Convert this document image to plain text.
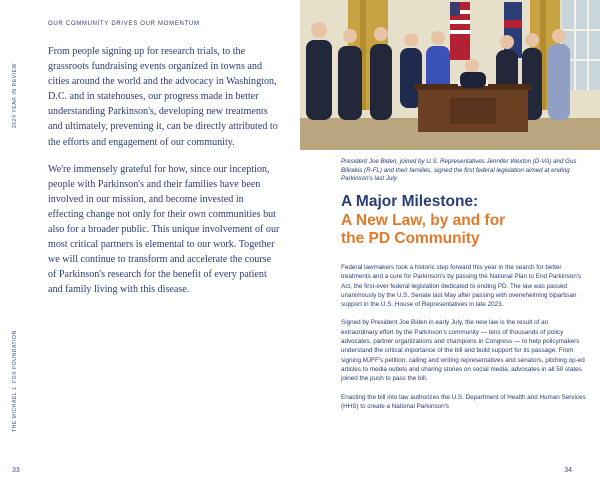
2024 YEAR IN REVIEW
THE MICHAEL J. FOX FOUNDATION
OUR COMMUNITY DRIVES OUR MOMENTUM

From people signing up for research trials, to the grassroots fundraising events organized in towns and cities around the world and the advocacy in Washington, D.C. and in statehouses, our progress made in better understanding Parkinson's, developing new treatments and ultimately, preventing it, can be directly attributed to the efforts and engagement of our community.

We're immensely grateful for how, since our inception, people with Parkinson's and their families have been involved in our mission, and become invested in effecting change not only for their own communities but also for a broader public. This unique involvement of our most critical partners is elemental to our work. Together we will continue to transform and accelerate the course of Parkinson's research for the benefit of every patient and family living with this disease.

33
President Joe Biden, joined by U.S. Representatives Jennifer Wexton (D-VA) and Gus Bilirakis (R-FL) and their families, signed the first federal legislation aimed at ending Parkinson's last July.
A Major Milestone:
A New Law, by and for
the PD Community

Federal lawmakers took a historic step forward this year in the search for better treatments and a cure for Parkinson's by passing the National Plan to End Parkinson's Act, the first-ever federal legislation dedicated to ending PD. The law was passed unanimously by the U.S. Senate last May after passing with overwhelming bipartisan support in the U.S. House of Representatives in late 2023.

Signed by President Joe Biden in early July, the new law is the result of an extraordinary effort by the Parkinson's community — tens of thousands of policy advocates, partner organizations and champions in Congress — to help policymakers understand the critical importance of the bill and build support for its passage. From signing MJFF's petition, calling and writing representatives and senators, pitching op-ed articles to media outlets and sharing stories on social media, advocates in all 50 states joined the push to pass the bill.

Enacting the bill into law authorizes the U.S. Department of Health and Human Services (HHS) to create a National Parkinson's

34
